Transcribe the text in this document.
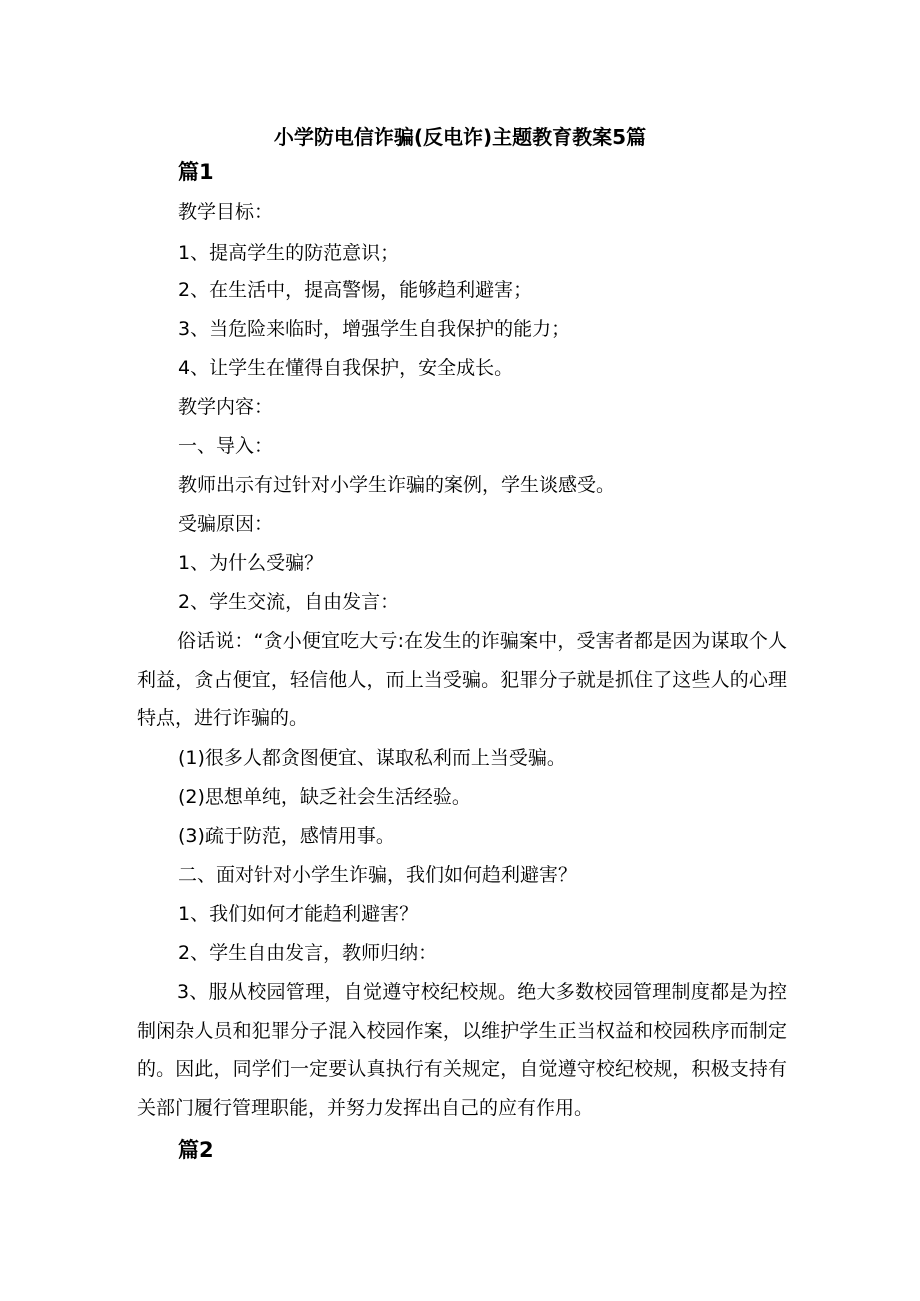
小学防电信诈骗(反电诈)主题教育教案5篇
篇1
教学目标：
1、提高学生的防范意识；
2、在生活中，提高警惕，能够趋利避害；
3、当危险来临时，增强学生自我保护的能力；
4、让学生在懂得自我保护，安全成长。
教学内容：
一、导入：
教师出示有过针对小学生诈骗的案例，学生谈感受。
受骗原因：
1、为什么受骗？
2、学生交流，自由发言：

俗话说：“贪小便宜吃大亏:在发生的诈骗案中，受害者都是因为谋取个人利益，贪占便宜，轻信他人，而上当受骗。犯罪分子就是抓住了这些人的心理特点，进行诈骗的。

(1)很多人都贪图便宜、谋取私利而上当受骗。
(2)思想单纯，缺乏社会生活经验。
(3)疏于防范，感情用事。
二、面对针对小学生诈骗，我们如何趋利避害？
1、我们如何才能趋利避害？
2、学生自由发言，教师归纳：

3、服从校园管理，自觉遵守校纪校规。绝大多数校园管理制度都是为控制闲杂人员和犯罪分子混入校园作案，以维护学生正当权益和校园秩序而制定的。因此，同学们一定要认真执行有关规定，自觉遵守校纪校规，积极支持有关部门履行管理职能，并努力发挥出自己的应有作用。

篇2
